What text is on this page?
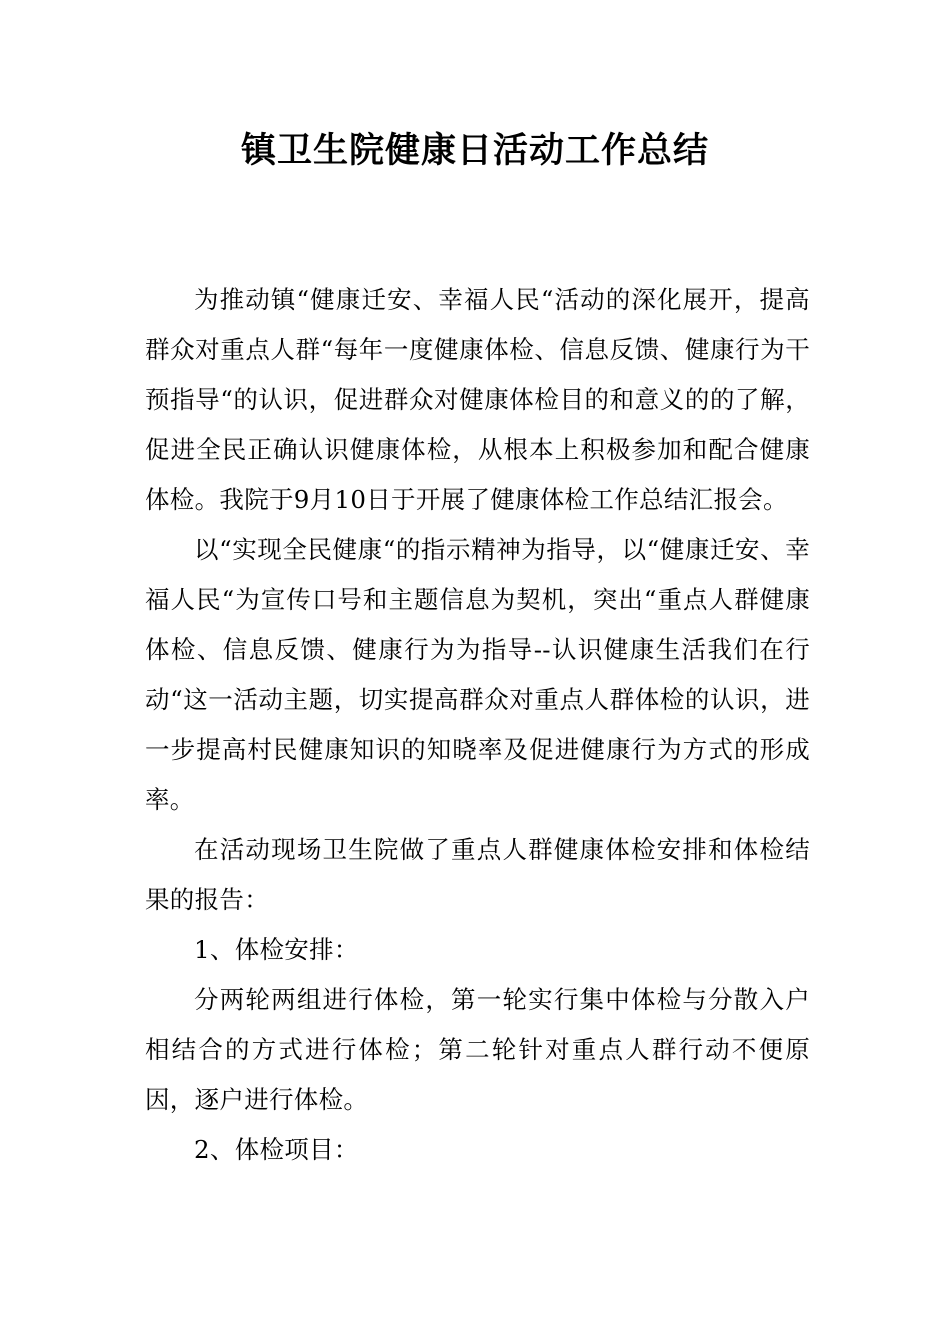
镇卫生院健康日活动工作总结

为推动镇“健康迁安、幸福人民“活动的深化展开，提高群众对重点人群“每年一度健康体检、信息反馈、健康行为干预指导“的认识，促进群众对健康体检目的和意义的的了解，促进全民正确认识健康体检，从根本上积极参加和配合健康体检。我院于9月10日于开展了健康体检工作总结汇报会。

以“实现全民健康“的指示精神为指导，以“健康迁安、幸福人民“为宣传口号和主题信息为契机，突出“重点人群健康体检、信息反馈、健康行为为指导--认识健康生活我们在行动“这一活动主题，切实提高群众对重点人群体检的认识，进一步提高村民健康知识的知晓率及促进健康行为方式的形成率。

在活动现场卫生院做了重点人群健康体检安排和体检结果的报告：

1、体检安排：

分两轮两组进行体检，第一轮实行集中体检与分散入户相结合的方式进行体检；第二轮针对重点人群行动不便原因，逐户进行体检。

2、体检项目：
